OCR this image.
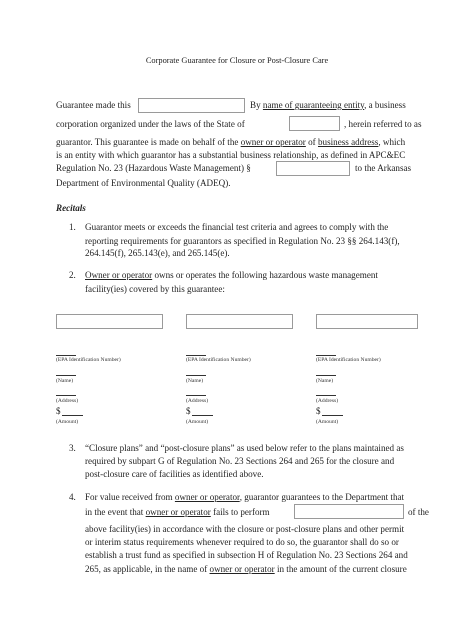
Corporate Guarantee for Closure or Post-Closure Care
Guarantee made this	By name of guaranteeing entity, a business
corporation organized under the laws of the State of	, herein referred to as
guarantor. This guarantee is made on behalf of the owner or operator of business address, which
is an entity with which guarantor has a substantial business relationship, as defined in APC&EC
Regulation No. 23 (Hazardous Waste Management) §	to the Arkansas
Department of Environmental Quality (ADEQ).
Recitals
1. Guarantor meets or exceeds the financial test criteria and agrees to comply with the
reporting requirements for guarantors as specified in Regulation No. 23 §§ 264.143(f),
264.145(f), 265.143(e), and 265.145(e).
2. Owner or operator owns or operates the following hazardous waste management
facility(ies) covered by this guarantee:
(EPA Identification Number)
(Name)
(Address)
$
(Amount)
(EPA Identification Number)
(Name)
(Address)
$
(Amount)
(EPA Identification Number)
(Name)
(Address)
$
(Amount)
3. “Closure plans” and “post-closure plans” as used below refer to the plans maintained as
required by subpart G of Regulation No. 23 Sections 264 and 265 for the closure and
post-closure care of facilities as identified above.
4. For value received from owner or operator, guarantor guarantees to the Department that
in the event that owner or operator fails to perform	of the
above facility(ies) in accordance with the closure or post-closure plans and other permit
or interim status requirements whenever required to do so, the guarantor shall do so or
establish a trust fund as specified in subsection H of Regulation No. 23 Sections 264 and
265, as applicable, in the name of owner or operator in the amount of the current closure
